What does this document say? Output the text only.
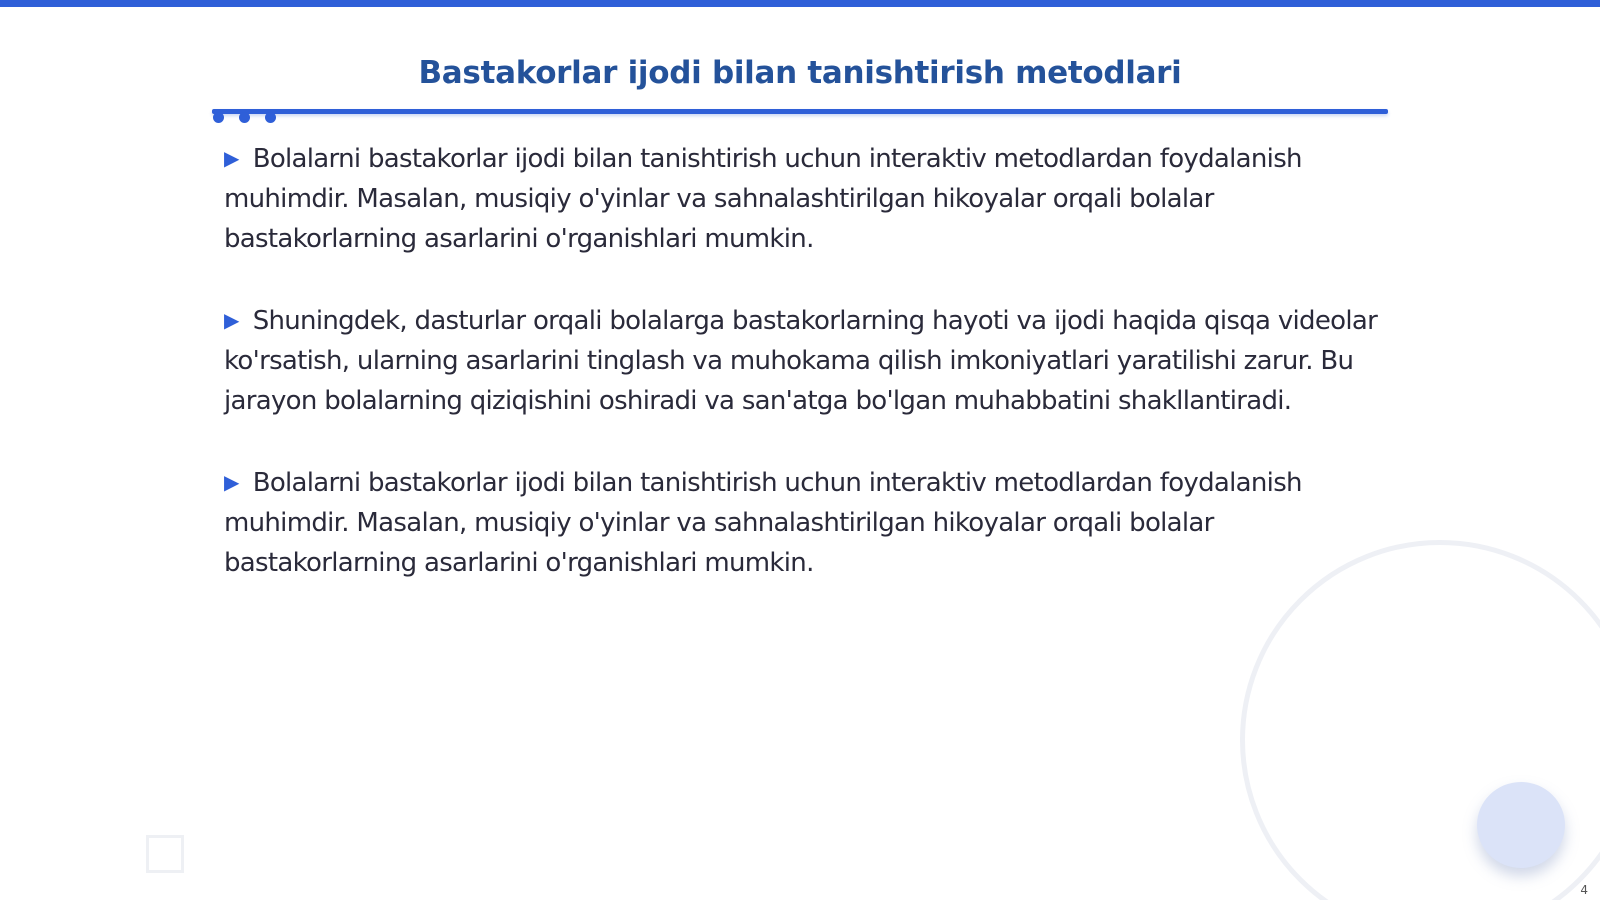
Bastakorlar ijodi bilan tanishtirish metodlari

▶ Bolalarni bastakorlar ijodi bilan tanishtirish uchun interaktiv metodlardan foydalanish muhimdir. Masalan, musiqiy o'yinlar va sahnalashtirilgan hikoyalar orqali bolalar bastakorlarning asarlarini o'rganishlari mumkin.

▶ Shuningdek, dasturlar orqali bolalarga bastakorlarning hayoti va ijodi haqida qisqa videolar ko'rsatish, ularning asarlarini tinglash va muhokama qilish imkoniyatlari yaratilishi zarur. Bu jarayon bolalarning qiziqishini oshiradi va san'atga bo'lgan muhabbatini shakllantiradi.

▶ Bolalarni bastakorlar ijodi bilan tanishtirish uchun interaktiv metodlardan foydalanish muhimdir. Masalan, musiqiy o'yinlar va sahnalashtirilgan hikoyalar orqali bolalar bastakorlarning asarlarini o'rganishlari mumkin.

4
